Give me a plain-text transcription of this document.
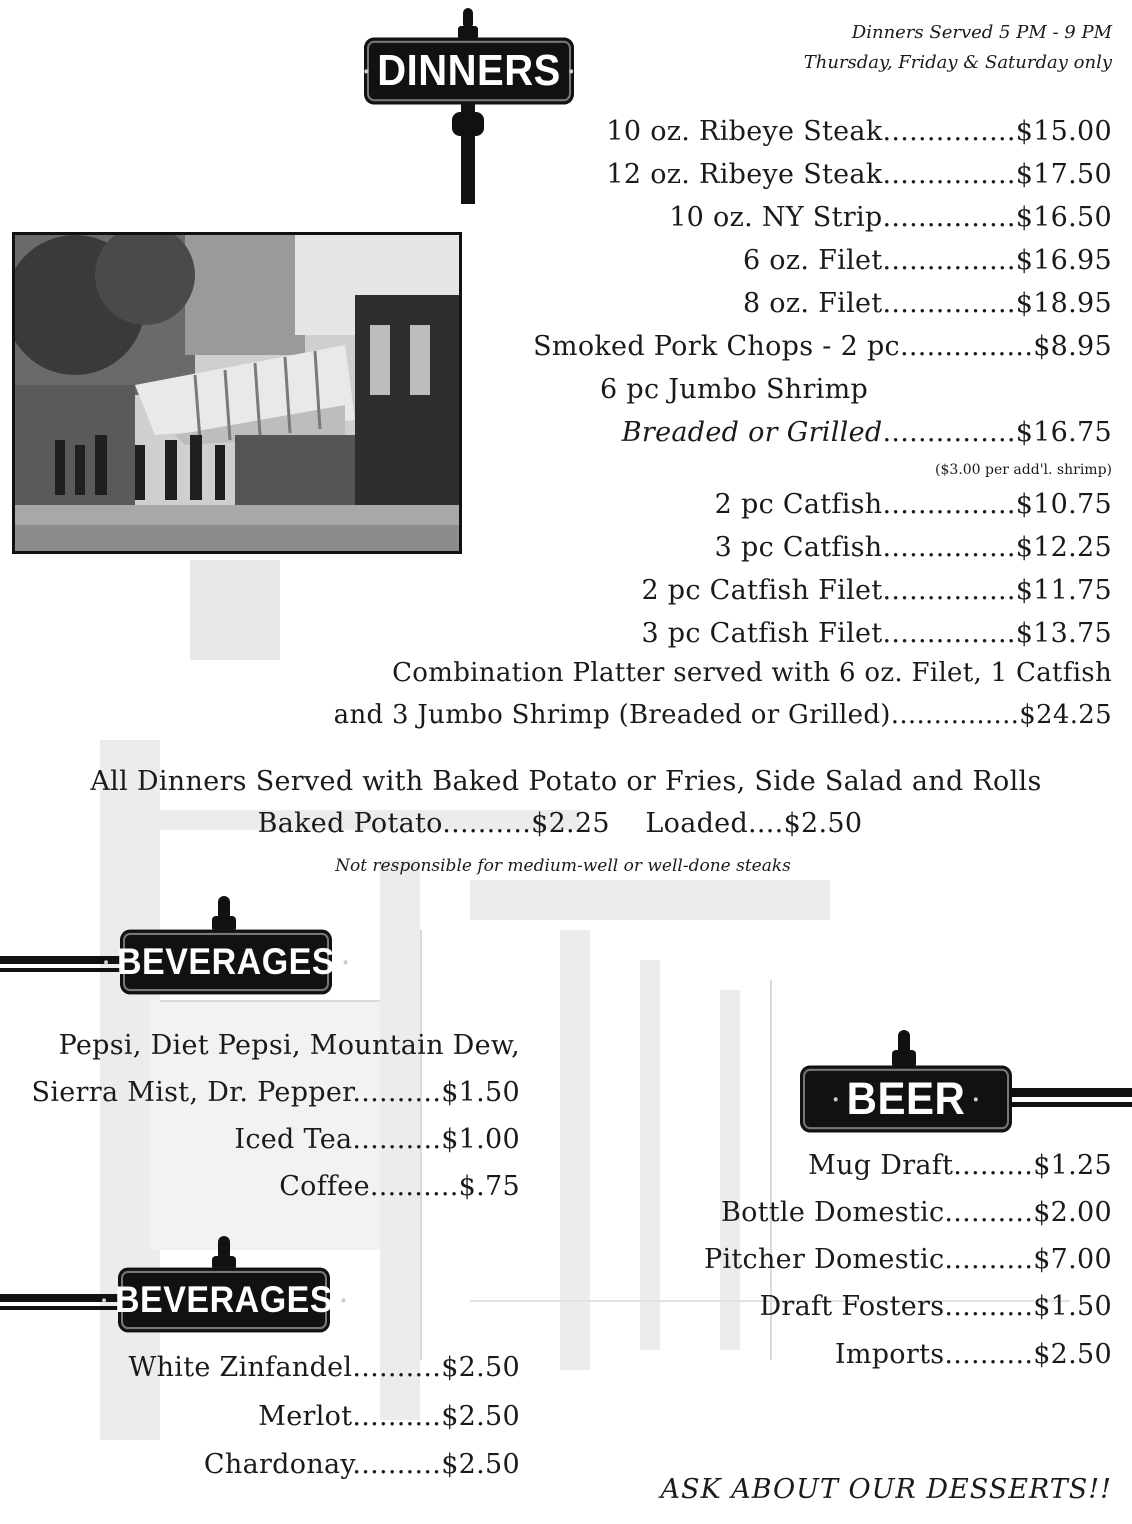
• DINNERS •
Dinners Served 5 PM - 9 PM
Thursday, Friday & Saturday only
10 oz. Ribeye Steak...............$15.00
12 oz. Ribeye Steak...............$17.50
10 oz. NY Strip...............$16.50
6 oz. Filet...............$16.95
8 oz. Filet...............$18.95
Smoked Pork Chops - 2 pc...............$8.95
6 pc Jumbo Shrimp
Breaded or Grilled...............$16.75
($3.00 per add'l. shrimp)
2 pc Catfish...............$10.75
3 pc Catfish...............$12.25
2 pc Catfish Filet...............$11.75
3 pc Catfish Filet...............$13.75
Combination Platter served with 6 oz. Filet, 1 Catfish
and 3 Jumbo Shrimp (Breaded or Grilled)...............$24.25
All Dinners Served with Baked Potato or Fries, Side Salad and Rolls
Baked Potato..........$2.25    Loaded....$2.50
Not responsible for medium-well or well-done steaks
• BEVERAGES •
Pepsi, Diet Pepsi, Mountain Dew,
Sierra Mist, Dr. Pepper..........$1.50
Iced Tea..........$1.00
Coffee..........$.75
• BEVERAGES •
White Zinfandel..........$2.50
Merlot..........$2.50
Chardonay..........$2.50
• BEER •
Mug Draft.........$1.25
Bottle Domestic..........$2.00
Pitcher Domestic..........$7.00
Draft Fosters..........$1.50
Imports..........$2.50
ASK ABOUT OUR DESSERTS!!
